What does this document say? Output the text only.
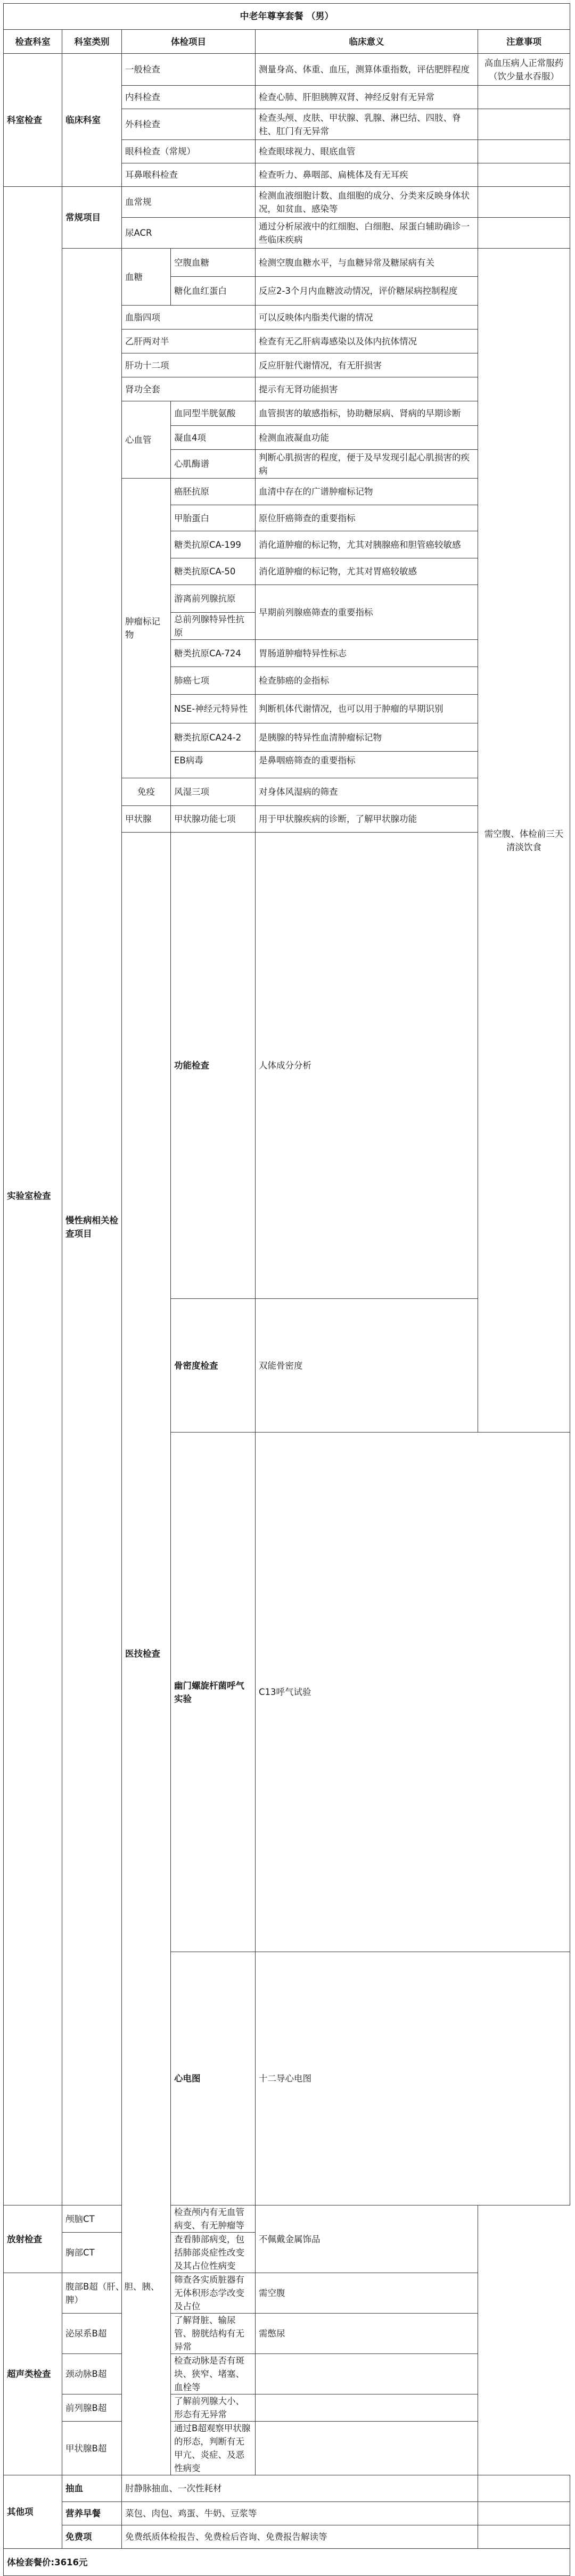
中老年尊享套餐 （男）						
检查科室	科室类别	体检项目		临床意义	注意事项	
科室检查	临床科室	一般检查		测量身高、体重、血压，测算体重指数，评估肥胖程度	高血压病人正常服药（饮少量水吞服）	
		内科检查		检查心肺、肝胆胰脾双肾、神经反射有无异常		
		外科检查		检查头颅、皮肤、甲状腺、乳腺、淋巴结、四肢、脊柱、肛门有无异常		
		眼科检查（常规）		检查眼球视力、眼底血管		
		耳鼻喉科检查		检查听力、鼻咽部、扁桃体及有无耳疾		
实验室检查	常规项目	血常规		检测血液细胞计数、血细胞的成分、分类来反映身体状况，如贫血、感染等		
		尿ACR		通过分析尿液中的红细胞、白细胞、尿蛋白辅助确诊一些临床疾病		
	慢性病相关检查项目	血糖	空腹血糖	检测空腹血糖水平，与血糖异常及糖尿病有关	需空腹、体检前三天清淡饮食	
			糖化血红蛋白	反应2-3个月内血糖波动情况，评价糖尿病控制程度		
		血脂四项		可以反映体内脂类代谢的情况		
		乙肝两对半		检查有无乙肝病毒感染以及体内抗体情况		
		肝功十二项		反应肝脏代谢情况，有无肝损害		
		肾功全套		提示有无肾功能损害		
		心血管	血同型半胱氨酸	血管损害的敏感指标，协助糖尿病、肾病的早期诊断		
			凝血4项	检测血液凝血功能		
			心肌酶谱	判断心肌损害的程度，便于及早发现引起心肌损害的疾病		
		肿瘤标记物	癌胚抗原	血清中存在的广谱肿瘤标记物		
			甲胎蛋白	原位肝癌筛查的重要指标		
			糖类抗原CA-199	消化道肿瘤的标记物，尤其对胰腺癌和胆管癌较敏感		
			糖类抗原CA-50	消化道肿瘤的标记物，尤其对胃癌较敏感		
			游离前列腺抗原	早期前列腺癌筛查的重要指标		
			总前列腺特异性抗原			
			糖类抗原CA-724	胃肠道肿瘤特异性标志		
			肺癌七项	检查肺癌的金指标		
			NSE-神经元特异性	判断机体代谢情况，也可以用于肿瘤的早期识别		
			糖类抗原CA24-2	是胰腺的特异性血清肿瘤标记物		
			EB病毒	是鼻咽癌筛查的重要指标		

		免疫	风湿三项	对身体风湿病的筛查		
		甲状腺	甲状腺功能七项	用于甲状腺疾病的诊断，了解甲状腺功能		
		医技检查	功能检查	人体成分分析		
			骨密度检查	双能骨密度		
			幽门螺旋杆菌呼气实验	C13呼气试验		
			心电图	十二导心电图		
放射检查	颅脑CT		检查颅内有无血管病变、有无肿瘤等	不佩戴金属饰品		
	胸部CT		查看肺部病变，包括肺部炎症性改变及其占位性病变			
超声类检查	腹部B超（肝、胆、胰、脾）		筛查各实质脏器有无体积形态学改变及占位	需空腹		
	泌尿系B超		了解肾脏、输尿管、膀胱结构有无异常	需憋尿		
	颈动脉B超		检查动脉是否有斑块、狭窄、堵塞、血栓等			
	前列腺B超		了解前列腺大小、形态有无异常			
	甲状腺B超		通过B超观察甲状腺的形态，判断有无甲亢、炎症、及恶性病变			
其他项	抽血	肘静脉抽血、一次性耗材				
	营养早餐	菜包、肉包、鸡蛋、牛奶、豆浆等				
	免费项	免费纸质体检报告、免费检后咨询、免费报告解读等				
体检套餐价:3616元						
